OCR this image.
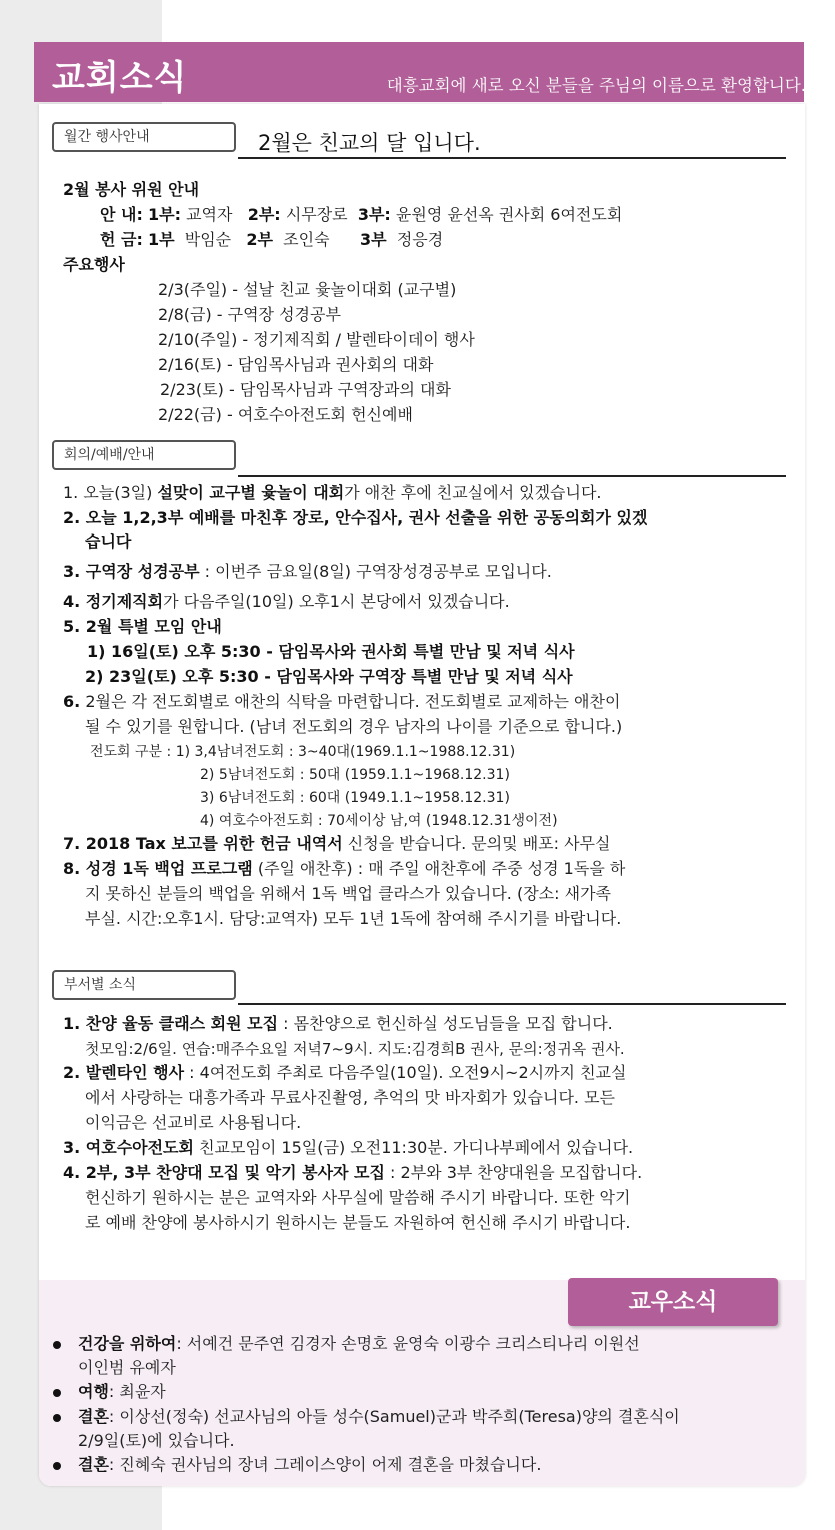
교회소식	대흥교회에 새로 오신 분들을 주님의 이름으로 환영합니다.
월간 행사안내	2월은 친교의 달 입니다.
2월 봉사 위원 안내
안 내: 1부: 교역자 2부: 시무장로 3부: 윤원영 윤선옥 권사회 6여전도회
헌 금: 1부 박임순 2부 조인숙 3부 정응경
주요행사
2/3(주일) - 설날 친교 윷놀이대회 (교구별)
2/8(금) - 구역장 성경공부
2/10(주일) - 정기제직회 / 발렌타이데이 행사
2/16(토) - 담임목사님과 권사회의 대화
2/23(토) - 담임목사님과 구역장과의 대화
2/22(금) - 여호수아전도회 헌신예배
회의/예배/안내
1. 오늘(3일) 설맞이 교구별 윷놀이 대회가 애찬 후에 친교실에서 있겠습니다.
2. 오늘 1,2,3부 예배를 마친후 장로, 안수집사, 권사 선출을 위한 공동의회가 있겠
습니다
3. 구역장 성경공부 : 이번주 금요일(8일) 구역장성경공부로 모입니다.
4. 정기제직회가 다음주일(10일) 오후1시 본당에서 있겠습니다.
5. 2월 특별 모임 안내
1) 16일(토) 오후 5:30 - 담임목사와 권사회 특별 만남 및 저녁 식사
2) 23일(토) 오후 5:30 - 담임목사와 구역장 특별 만남 및 저녁 식사
6. 2월은 각 전도회별로 애찬의 식탁을 마련합니다. 전도회별로 교제하는 애찬이
될 수 있기를 원합니다. (남녀 전도회의 경우 남자의 나이를 기준으로 합니다.)
전도회 구분 : 1) 3,4남녀전도회 : 3~40대(1969.1.1~1988.12.31)
2) 5남녀전도회 : 50대 (1959.1.1~1968.12.31)
3) 6남녀전도회 : 60대 (1949.1.1~1958.12.31)
4) 여호수아전도회 : 70세이상 남,여 (1948.12.31생이전)
7. 2018 Tax 보고를 위한 헌금 내역서 신청을 받습니다. 문의및 배포: 사무실
8. 성경 1독 백업 프로그램 (주일 애찬후) : 매 주일 애찬후에 주중 성경 1독을 하
지 못하신 분들의 백업을 위해서 1독 백업 클라스가 있습니다. (장소: 새가족
부실. 시간:오후1시. 담당:교역자) 모두 1년 1독에 참여해 주시기를 바랍니다.
부서별 소식
1. 찬양 율동 클래스 회원 모집 : 몸찬양으로 헌신하실 성도님들을 모집 합니다.
첫모임:2/6일. 연습:매주수요일 저녁7~9시. 지도:김경희B 권사, 문의:정귀옥 권사.
2. 발렌타인 행사 : 4여전도회 주최로 다음주일(10일). 오전9시~2시까지 친교실
에서 사랑하는 대흥가족과 무료사진촬영, 추억의 맛 바자회가 있습니다. 모든
이익금은 선교비로 사용됩니다.
3. 여호수아전도회 친교모임이 15일(금) 오전11:30분. 가디나부페에서 있습니다.
4. 2부, 3부 찬양대 모집 및 악기 봉사자 모집 : 2부와 3부 찬양대원을 모집합니다.
헌신하기 원하시는 분은 교역자와 사무실에 말씀해 주시기 바랍니다. 또한 악기
로 예배 찬양에 봉사하시기 원하시는 분들도 자원하여 헌신해 주시기 바랍니다.
교우소식
건강을 위하여: 서예건 문주연 김경자 손명호 윤영숙 이광수 크리스티나리 이원선
이인범 유예자
여행: 최윤자
결혼: 이상선(정숙) 선교사님의 아들 성수(Samuel)군과 박주희(Teresa)양의 결혼식이
2/9일(토)에 있습니다.
결혼: 진혜숙 권사님의 장녀 그레이스양이 어제 결혼을 마쳤습니다.
